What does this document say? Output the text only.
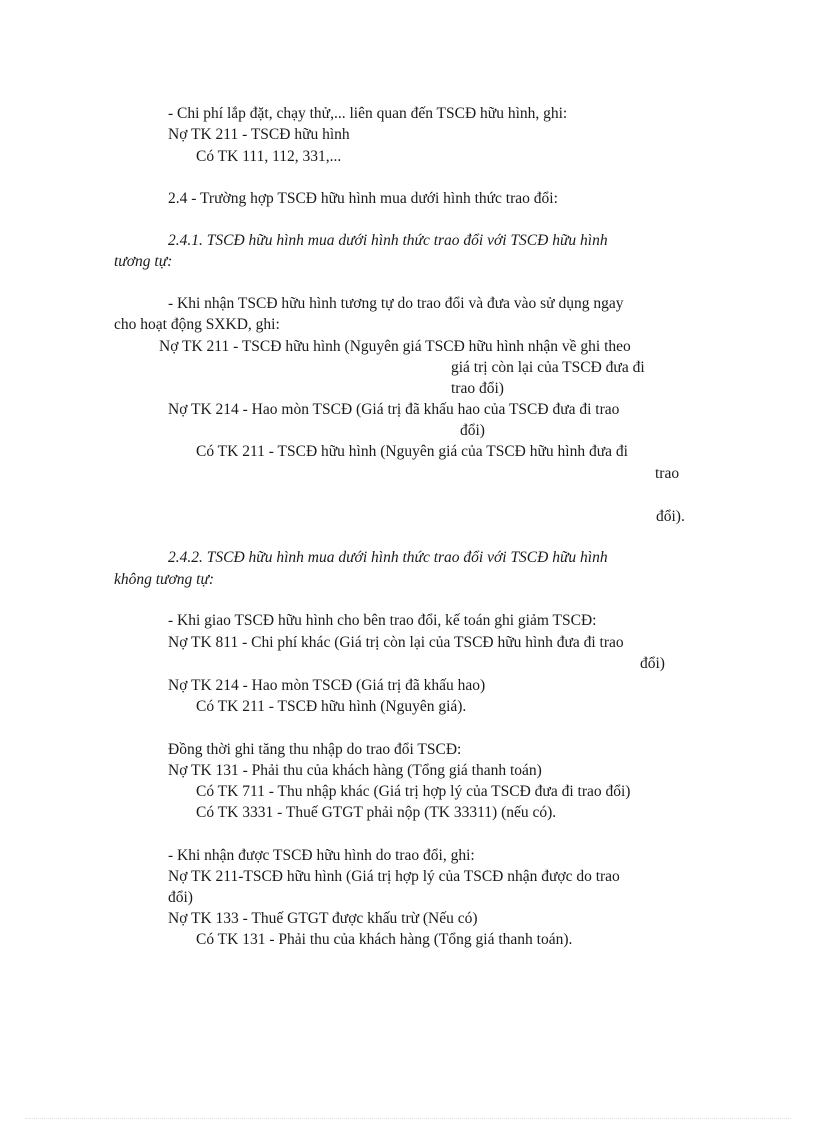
- Chi phí lắp đặt, chạy thử,... liên quan đến TSCĐ hữu hình, ghi:
Nợ TK 211 - TSCĐ hữu hình
Có TK 111, 112, 331,...
2.4 - Trường hợp TSCĐ hữu hình mua dưới hình thức trao đổi:
2.4.1. TSCĐ hữu hình mua dưới hình thức trao đổi với TSCĐ hữu hình
tương tự:
- Khi nhận TSCĐ hữu hình tương tự do trao đổi và đưa vào sử dụng ngay
cho hoạt động SXKD, ghi:
Nợ TK 211 - TSCĐ hữu hình (Nguyên giá TSCĐ hữu hình nhận về ghi theo
giá trị còn lại của TSCĐ đưa đi
trao đổi)
Nợ TK 214 - Hao mòn TSCĐ (Giá trị đã khấu hao của TSCĐ đưa đi trao
đổi)
Có TK 211 - TSCĐ hữu hình (Nguyên giá của TSCĐ hữu hình đưa đi
trao
đổi).
2.4.2. TSCĐ hữu hình mua dưới hình thức trao đổi với TSCĐ hữu hình
không tương tự:
- Khi giao TSCĐ hữu hình cho bên trao đổi, kế toán ghi giảm TSCĐ:
Nợ TK 811 - Chi phí khác (Giá trị còn lại của TSCĐ hữu hình đưa đi trao
đổi)
Nợ TK 214 - Hao mòn TSCĐ (Giá trị đã khấu hao)
Có TK 211 - TSCĐ hữu hình (Nguyên giá).
Đồng thời ghi tăng thu nhập do trao đổi TSCĐ:
Nợ TK 131 - Phải thu của khách hàng (Tổng giá thanh toán)
Có TK 711 - Thu nhập khác (Giá trị hợp lý của TSCĐ đưa đi trao đổi)
Có TK 3331 - Thuế GTGT phải nộp (TK 33311) (nếu có).
- Khi nhận được TSCĐ hữu hình do trao đổi, ghi:
Nợ TK 211-TSCĐ hữu hình (Giá trị hợp lý của TSCĐ nhận được do trao
đổi)
Nợ TK 133 - Thuế GTGT được khấu trừ (Nếu có)
Có TK 131 - Phải thu của khách hàng (Tổng giá thanh toán).
